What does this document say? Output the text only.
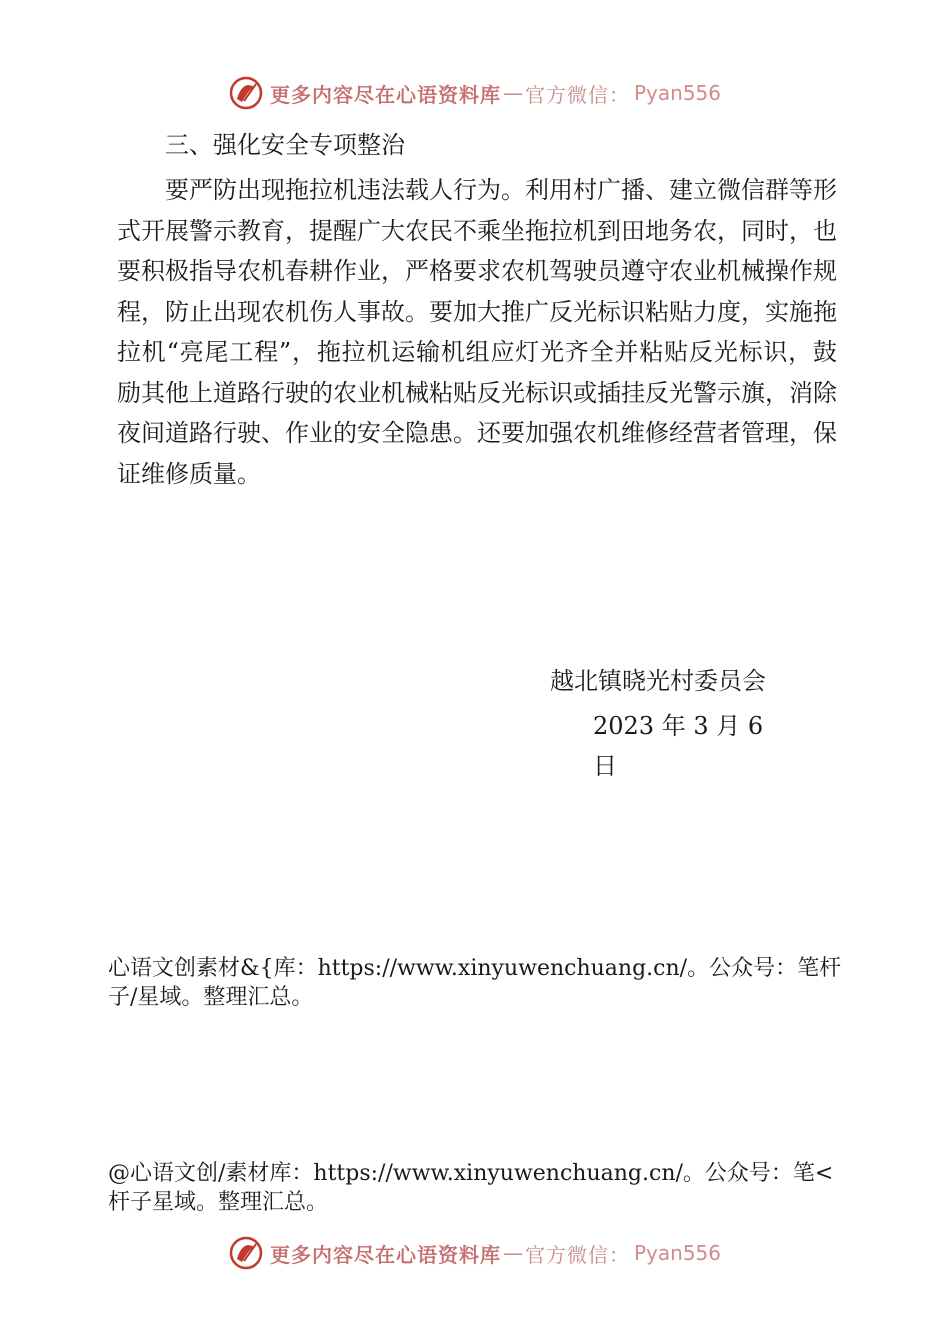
更多内容尽在心语资料库 — 官方微信： Pyan556
三、强化安全专项整治

要严防出现拖拉机违法载人行为。利用村广播、建立微信群等形式开展警示教育，提醒广大农民不乘坐拖拉机到田地务农，同时，也要积极指导农机春耕作业，严格要求农机驾驶员遵守农业机械操作规程，防止出现农机伤人事故。要加大推广反光标识粘贴力度，实施拖拉机“亮尾工程”，拖拉机运输机组应灯光齐全并粘贴反光标识，鼓励其他上道路行驶的农业机械粘贴反光标识或插挂反光警示旗，消除夜间道路行驶、作业的安全隐患。还要加强农机维修经营者管理，保证维修质量。

越北镇晓光村委员会
2023 年 3 月 6 日

心语文创素材&{库：https://www.xinyuwenchuang.cn/。公众号：笔杆子/星域。整理汇总。

@心语文创/素材库：https://www.xinyuwenchuang.cn/。公众号：笔<杆子星域。整理汇总。

更多内容尽在心语资料库 — 官方微信： Pyan556
